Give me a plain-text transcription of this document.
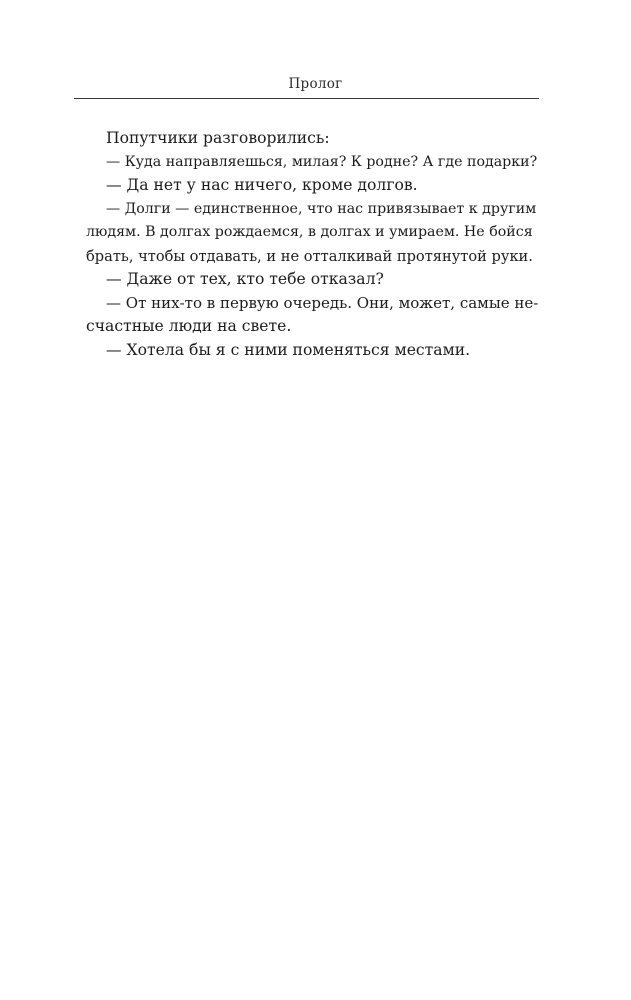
Пролог
Попутчики разговорились:
— Куда направляешься, милая? К родне? А где подарки?
— Да нет у нас ничего, кроме долгов.
— Долги — единственное, что нас привязывает к другим
людям. В долгах рождаемся, в долгах и умираем. Не бойся
брать, чтобы отдавать, и не отталкивай протянутой руки.
— Даже от тех, кто тебе отказал?
— От них-то в первую очередь. Они, может, самые не-
счастные люди на свете.
— Хотела бы я с ними поменяться местами.
